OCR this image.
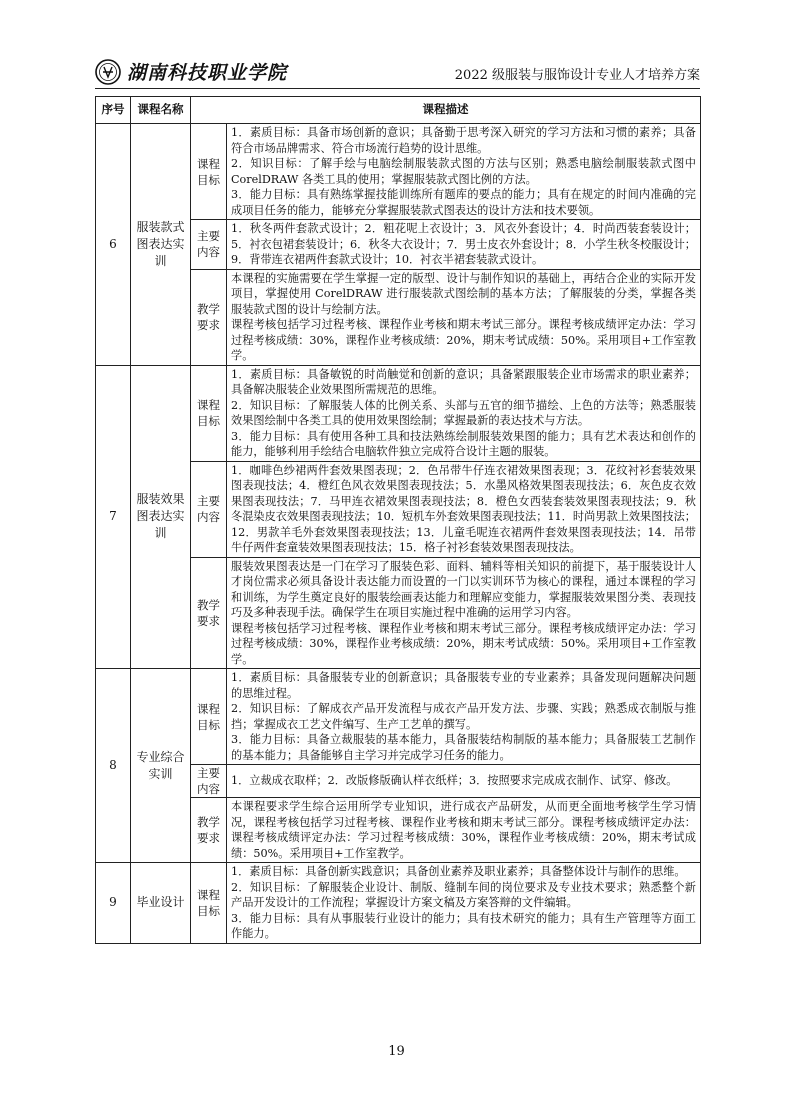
湖南科技职业学院	2022 级服装与服饰设计专业人才培养方案
序号	课程名称	课程描述	
6	服装款式图表达实训	课程目标	1．素质目标：具备市场创新的意识；具备勤于思考深入研究的学习方法和习惯的素养；具备符合市场品牌需求、符合市场流行趋势的设计思维。
2．知识目标：了解手绘与电脑绘制服装款式图的方法与区别；熟悉电脑绘制服装款式图中CorelDRAW 各类工具的使用；掌握服装款式图比例的方法。
3．能力目标：具有熟练掌握技能训练所有题库的要点的能力；具有在规定的时间内准确的完成项目任务的能力，能够充分掌握服装款式图表达的设计方法和技术要领。

		主要内容	1．秋冬两件套款式设计；2．粗花呢上衣设计；3．风衣外套设计；4．时尚西装套装设计；5．衬衣包裙套装设计；6．秋冬大衣设计；7．男士皮衣外套设计；8．小学生秋冬校服设计；9．背带连衣裙两件套款式设计；10．衬衣半裙套装款式设计。

		教学要求	本课程的实施需要在学生掌握一定的版型、设计与制作知识的基础上，再结合企业的实际开发项目，掌握使用 CorelDRAW 进行服装款式图绘制的基本方法；了解服装的分类，掌握各类服装款式图的设计与绘制方法。
课程考核包括学习过程考核、课程作业考核和期末考试三部分。课程考核成绩评定办法：学习过程考核成绩：30%，课程作业考核成绩：20%，期末考试成绩：50%。采用项目+工作室教学。

7	服装效果图表达实训	课程目标	1．素质目标：具备敏锐的时尚触觉和创新的意识；具备紧跟服装企业市场需求的职业素养；具备解决服装企业效果图所需规范的思维。
2．知识目标：了解服装人体的比例关系、头部与五官的细节描绘、上色的方法等；熟悉服装效果图绘制中各类工具的使用效果图绘制；掌握最新的表达技术与方法。
3．能力目标：具有使用各种工具和技法熟练绘制服装效果图的能力；具有艺术表达和创作的能力，能够利用手绘结合电脑软件独立完成符合设计主题的服装。

		主要内容	1．咖啡色纱裙两件套效果图表现；2．色吊带牛仔连衣裙效果图表现；3．花纹衬衫套装效果图表现技法；4．橙红色风衣效果图表现技法；5．水墨风格效果图表现技法；6．灰色皮衣效果图表现技法；7．马甲连衣裙效果图表现技法；8．橙色女西装套装效果图表现技法；9．秋冬混染皮衣效果图表现技法；10．短机车外套效果图表现技法；11．时尚男款上效果图技法；12．男款羊毛外套效果图表现技法；13．儿童毛呢连衣裙两件套效果图表现技法；14．吊带牛仔两件套童装效果图表现技法；15．格子衬衫套装效果图表现技法。

		教学要求	服装效果图表达是一门在学习了服装色彩、面料、辅料等相关知识的前提下，基于服装设计人才岗位需求必须具备设计表达能力而设置的一门以实训环节为核心的课程，通过本课程的学习和训练，为学生奠定良好的服装绘画表达能力和理解应变能力，掌握服装效果图分类、表现技巧及多种表现手法。确保学生在项目实施过程中准确的运用学习内容。
课程考核包括学习过程考核、课程作业考核和期末考试三部分。课程考核成绩评定办法：学习过程考核成绩：30%，课程作业考核成绩：20%，期末考试成绩：50%。采用项目+工作室教学。

8	专业综合实训	课程目标	1．素质目标：具备服装专业的创新意识；具备服装专业的专业素养；具备发现问题解决问题的思维过程。
2．知识目标：了解成衣产品开发流程与成衣产品开发方法、步骤、实践；熟悉成衣制版与推挡；掌握成衣工艺文件编写、生产工艺单的撰写。
3．能力目标：具备立裁服装的基本能力，具备服装结构制版的基本能力；具备服装工艺制作的基本能力；具备能够自主学习并完成学习任务的能力。

		主要内容	1．立裁成衣取样；2．改版修版确认样衣纸样；3．按照要求完成成衣制作、试穿、修改。

		教学要求	本课程要求学生综合运用所学专业知识，进行成衣产品研发，从而更全面地考核学生学习情况，课程考核包括学习过程考核、课程作业考核和期末考试三部分。课程考核成绩评定办法：课程考核成绩评定办法：学习过程考核成绩：30%，课程作业考核成绩：20%，期末考试成绩：50%。采用项目+工作室教学。

9	毕业设计	课程目标	1．素质目标：具备创新实践意识；具备创业素养及职业素养；具备整体设计与制作的思维。
2．知识目标：了解服装企业设计、制版、缝制车间的岗位要求及专业技术要求；熟悉整个新产品开发设计的工作流程；掌握设计方案文稿及方案答辩的文件编辑。
3．能力目标：具有从事服装行业设计的能力；具有技术研究的能力；具有生产管理等方面工作能力。
19
